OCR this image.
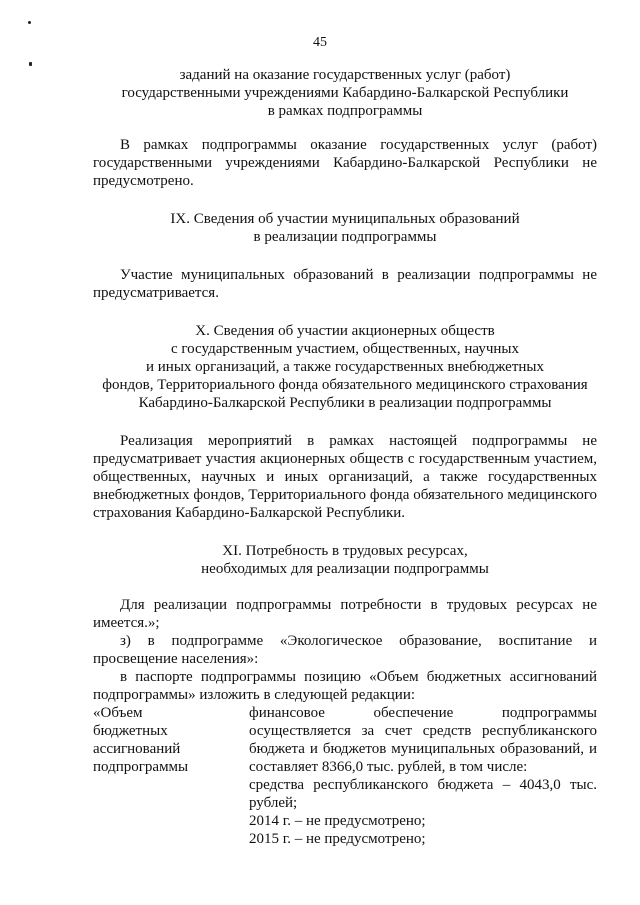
45
заданий на оказание государственных услуг (работ)
государственными учреждениями Кабардино-Балкарской Республики
в рамках подпрограммы

В рамках подпрограммы оказание государственных услуг (работ) государственными учреждениями Кабардино-Балкарской Республики не предусмотрено.

IX. Сведения об участии муниципальных образований
в реализации подпрограммы

Участие муниципальных образований в реализации подпрограммы не предусматривается.

X. Сведения об участии акционерных обществ
с государственным участием, общественных, научных
и иных организаций, а также государственных внебюджетных
фондов, Территориального фонда обязательного медицинского страхования
Кабардино-Балкарской Республики в реализации подпрограммы

Реализация мероприятий в рамках настоящей подпрограммы не предусматривает участия акционерных обществ с государственным участием, общественных, научных и иных организаций, а также государственных внебюджетных фондов, Территориального фонда обязательного медицинского страхования Кабардино-Балкарской Республики.

XI. Потребность в трудовых ресурсах,
необходимых для реализации подпрограммы

Для реализации подпрограммы потребности в трудовых ресурсах не имеется.»;

з) в подпрограмме «Экологическое образование, воспитание и просвещение населения»:

в паспорте подпрограммы позицию «Объем бюджетных ассигнований подпрограммы» изложить в следующей редакции:

«Объем
бюджетных
ассигнований
подпрограммы
финансовое обеспечение подпрограммы осуществляется за счет средств республиканского бюджета и бюджетов муниципальных образований, и составляет 8366,0 тыс. рублей, в том числе:
средства республиканского бюджета – 4043,0 тыс. рублей;
2014 г. – не предусмотрено;
2015 г. – не предусмотрено;
